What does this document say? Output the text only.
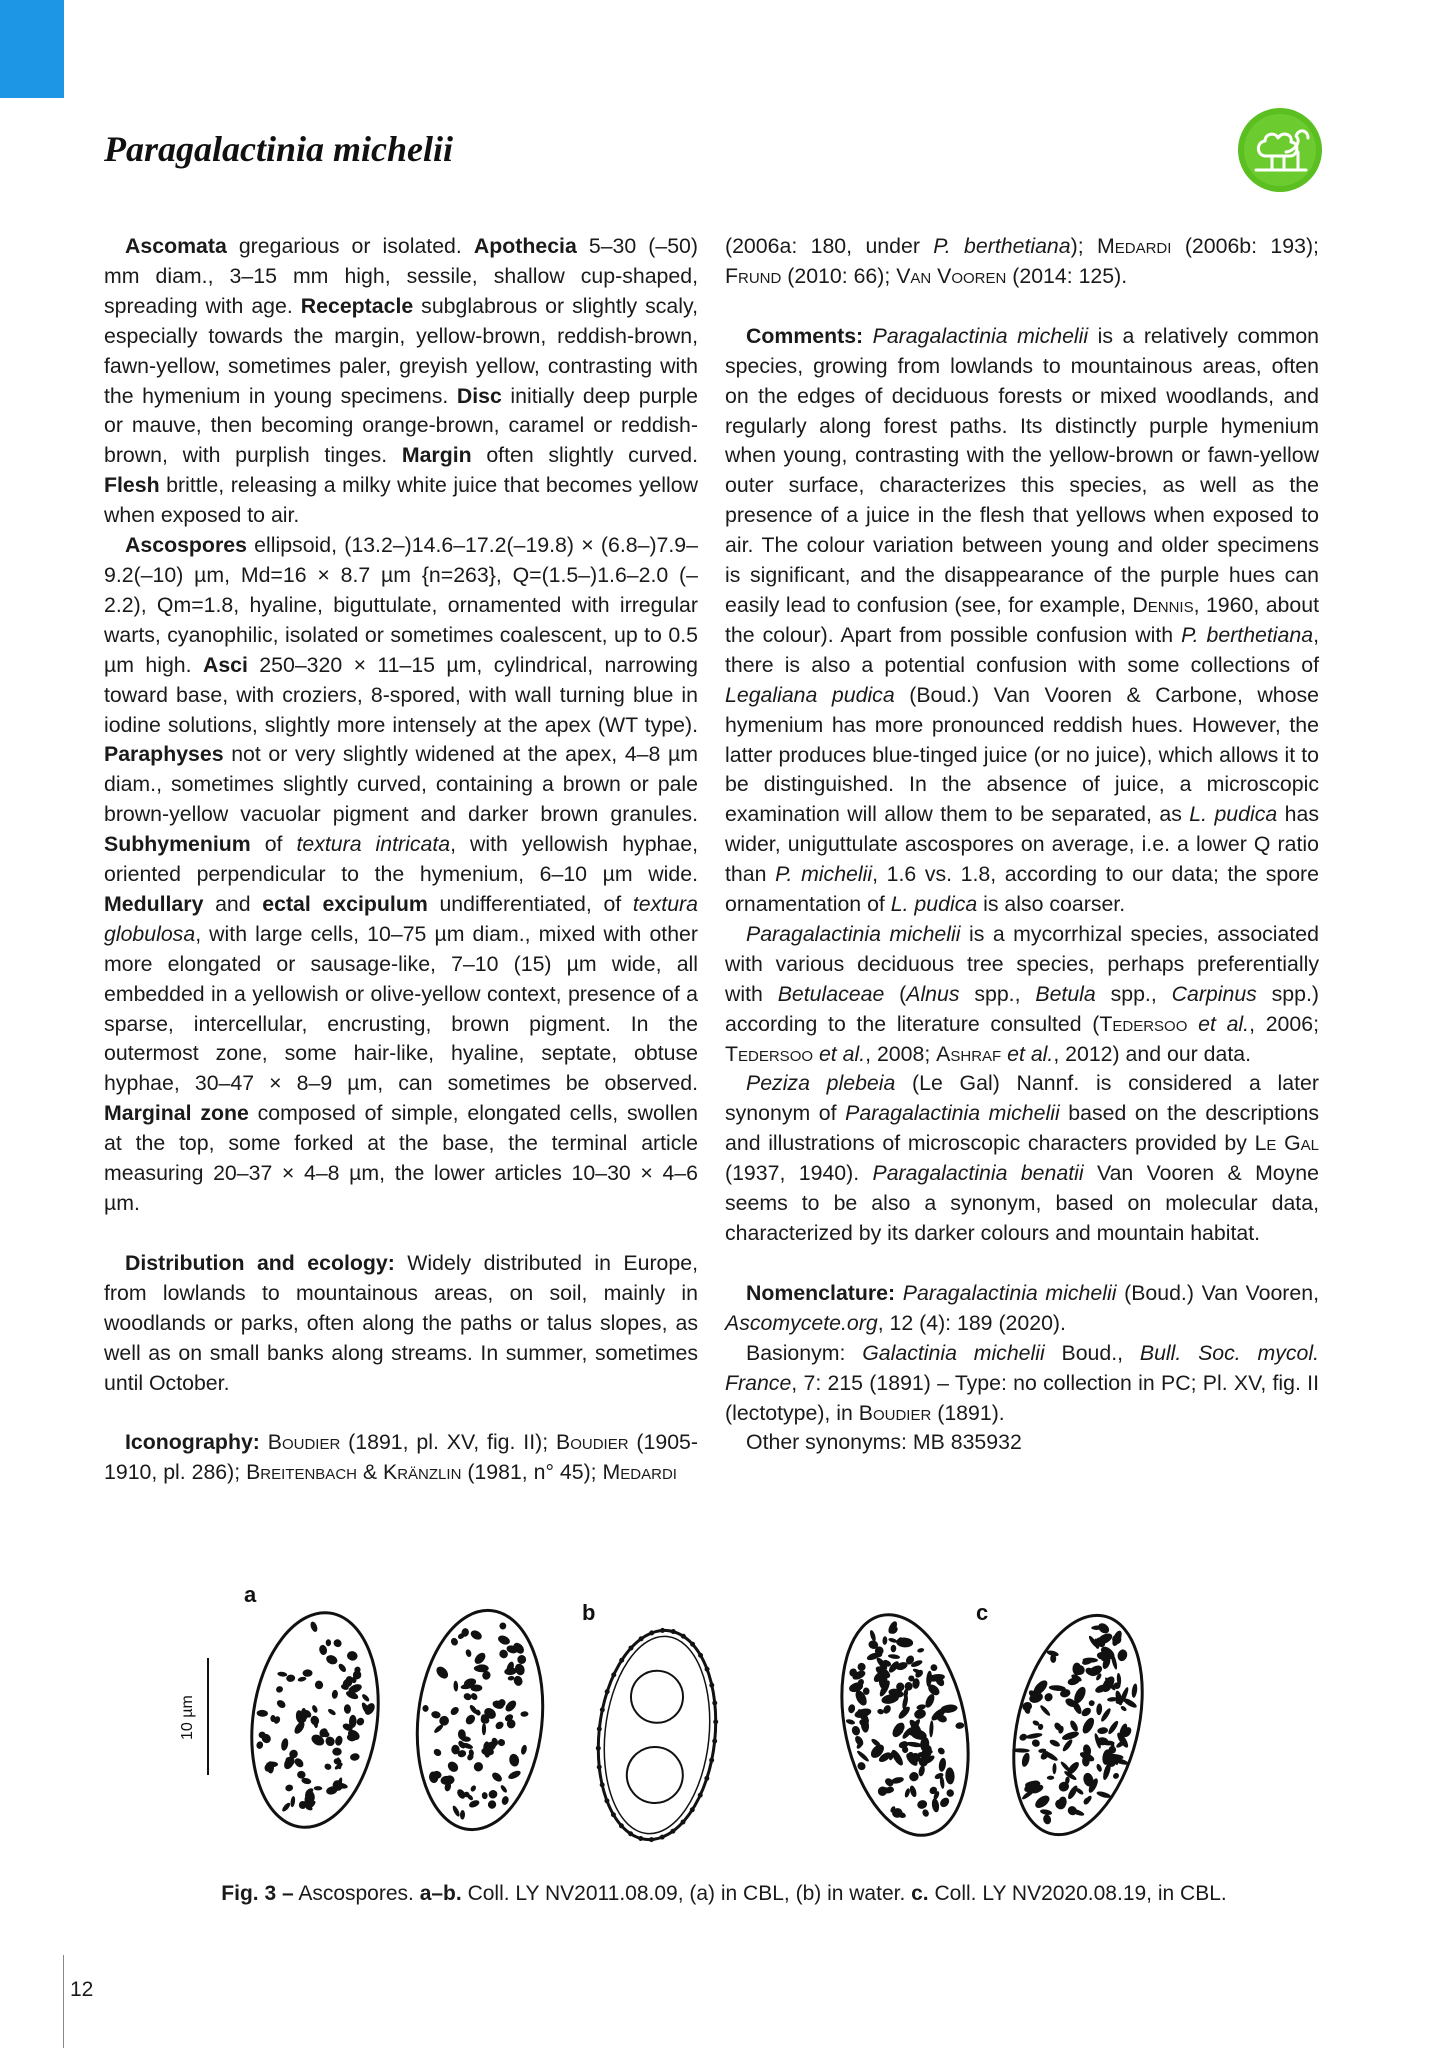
Paragalactinia michelii

Ascomata gregarious or isolated. Apothecia 5–30 (–50) mm diam., 3–15 mm high, sessile, shallow cup-shaped, spreading with age. Receptacle subglabrous or slightly scaly, especially towards the margin, yellow-brown, reddish-brown, fawn-yellow, sometimes paler, greyish yellow, contrasting with the hymenium in young specimens. Disc initially deep purple or mauve, then becoming orange-brown, caramel or reddish-brown, with purplish tinges. Margin often slightly curved. Flesh brittle, releasing a milky white juice that becomes yellow when exposed to air.

Ascospores ellipsoid, (13.2–)14.6–17.2(–19.8) × (6.8–)7.9–9.2(–10) µm, Md=16 × 8.7 µm {n=263}, Q=(1.5–)1.6–2.0 (–2.2), Qm=1.8, hyaline, biguttulate, ornamented with irregular warts, cyanophilic, isolated or sometimes coalescent, up to 0.5 µm high. Asci 250–320 × 11–15 µm, cylindrical, narrowing toward base, with croziers, 8-spored, with wall turning blue in iodine solutions, slightly more intensely at the apex (WT type). Paraphyses not or very slightly widened at the apex, 4–8 µm diam., sometimes slightly curved, containing a brown or pale brown-yellow vacuolar pigment and darker brown granules. Subhymenium of textura intricata, with yellowish hyphae, oriented perpendicular to the hymenium, 6–10 µm wide. Medullary and ectal excipulum undifferentiated, of textura globulosa, with large cells, 10–75 µm diam., mixed with other more elongated or sausage-like, 7–10 (15) µm wide, all embedded in a yellowish or olive-yellow context, presence of a sparse, intercellular, encrusting, brown pigment. In the outermost zone, some hair-like, hyaline, septate, obtuse hyphae, 30–47 × 8–9 µm, can sometimes be observed. Marginal zone composed of simple, elongated cells, swollen at the top, some forked at the base, the terminal article measuring 20–37 × 4–8 µm, the lower articles 10–30 × 4–6 µm.

Distribution and ecology: Widely distributed in Europe, from lowlands to mountainous areas, on soil, mainly in woodlands or parks, often along the paths or talus slopes, as well as on small banks along streams. In summer, sometimes until October.

Iconography: Boudier (1891, pl. XV, fig. II); Boudier (1905-1910, pl. 286); Breitenbach & Kränzlin (1981, n° 45); Medardi

(2006a: 180, under P. berthetiana); Medardi (2006b: 193); Frund (2010: 66); Van Vooren (2014: 125).

Comments: Paragalactinia michelii is a relatively common species, growing from lowlands to mountainous areas, often on the edges of deciduous forests or mixed woodlands, and regularly along forest paths. Its distinctly purple hymenium when young, contrasting with the yellow-brown or fawn-yellow outer surface, characterizes this species, as well as the presence of a juice in the flesh that yellows when exposed to air. The colour variation between young and older specimens is significant, and the disappearance of the purple hues can easily lead to confusion (see, for example, Dennis, 1960, about the colour). Apart from possible confusion with P. berthetiana, there is also a potential confusion with some collections of Legaliana pudica (Boud.) Van Vooren & Carbone, whose hymenium has more pronounced reddish hues. However, the latter produces blue-tinged juice (or no juice), which allows it to be distinguished. In the absence of juice, a microscopic examination will allow them to be separated, as L. pudica has wider, uniguttulate ascospores on average, i.e. a lower Q ratio than P. michelii, 1.6 vs. 1.8, according to our data; the spore ornamentation of L. pudica is also coarser.

Paragalactinia michelii is a mycorrhizal species, associated with various deciduous tree species, perhaps preferentially with Betulaceae (Alnus spp., Betula spp., Carpinus spp.) according to the literature consulted (Tedersoo et al., 2006; Tedersoo et al., 2008; Ashraf et al., 2012) and our data.

Peziza plebeia (Le Gal) Nannf. is considered a later synonym of Paragalactinia michelii based on the descriptions and illustrations of microscopic characters provided by Le Gal (1937, 1940). Paragalactinia benatii Van Vooren & Moyne seems to be also a synonym, based on molecular data, characterized by its darker colours and mountain habitat.

Nomenclature: Paragalactinia michelii (Boud.) Van Vooren, Ascomycete.org, 12 (4): 189 (2020).

Basionym: Galactinia michelii Boud., Bull. Soc. mycol. France, 7: 215 (1891) – Type: no collection in PC; Pl. XV, fig. II (lectotype), in Boudier (1891).

Other synonyms: MB 835932

a
b	c
10 µm
Fig. 3 – Ascospores. a–b. Coll. LY NV2011.08.09, (a) in CBL, (b) in water. c. Coll. LY NV2020.08.19, in CBL.
12
